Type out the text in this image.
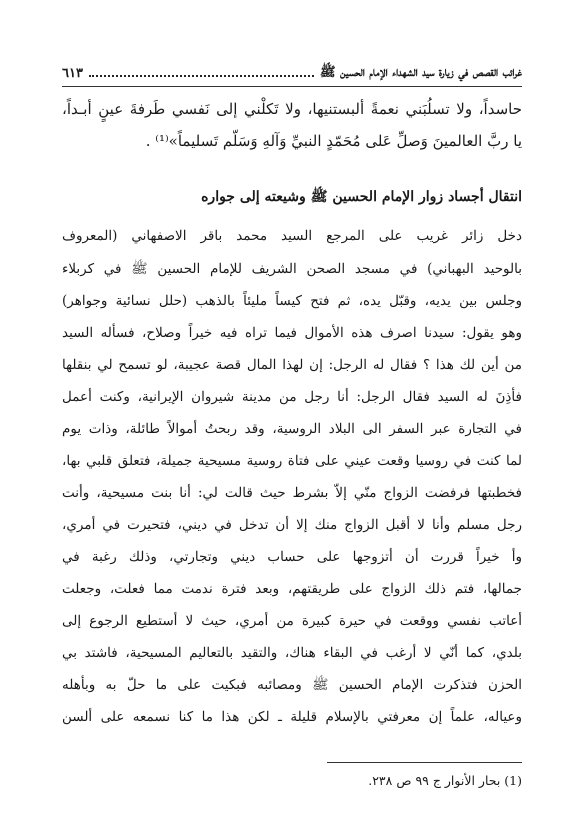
غرائب القصص في زيارة سيد الشهداء الإمام الحسين ﷺ
٦١٣
حاسداً، ولا تسلُبَني نعمةً ألبستنيها، ولا تَكلْني إلى نَفسي طَرفةَ عينٍ أبـداً،
يا ربَّ العالمينَ وَصلِّ عَلى مُحَمّدٍ النبيِّ وَآلهِ وَسَلّم تَسليماً»⁽¹⁾ .
انتقال أجساد زوار الإمام الحسين ﷺ وشيعته إلى جواره
دخل زائر غريب على المرجع السيد محمد باقر الاصفهاني (المعروف
بالوحيد البهباني) في مسجد الصحن الشريف للإمام الحسين ﷺ في كربلاء
وجلس بين يديه، وقبّل يده، ثم فتح كيساً مليئاً بالذهب (حلل نسائية وجواهر)
وهو يقول: سيدنا اصرف هذه الأموال فيما تراه فيه خيراً وصلاح، فسأله السيد
من أين لك هذا ؟ فقال له الرجل: إن لهذا المال قصة عجيبة، لو تسمح لي بنقلها
فأذِنَ له السيد فقال الرجل: أنا رجل من مدينة شيروان الإيرانية، وكنت أعمل
في التجارة عبر السفر الى البلاد الروسية، وقد ربحتُ أموالاً طائلة، وذات يوم
لما كنت في روسيا وقعت عيني على فتاة روسية مسيحية جميلة، فتعلق قلبي بها،
فخطبتها فرفضت الزواج منّي إلاّ بشرط حيث قالت لي: أنا بنت مسيحية، وأنت
رجل مسلم وأنا لا أقبل الزواج منك إلا أن تدخل في ديني، فتحيرت في أمري،
وأ خيراً قررت أن أتزوجها على حساب ديني وتجارتي، وذلك رغبة في
جمالها، فتم ذلك الزواج على طريقتهم، وبعد فترة ندمت مما فعلت، وجعلت
أعاتب نفسي ووقعت في حيرة كبيرة من أمري، حيث لا أستطيع الرجوع إلى
بلدي، كما أنّي لا أرغب في البقاء هناك، والتقيد بالتعاليم المسيحية، فاشتد بي
الحزن فتذكرت الإمام الحسين ﷺ ومصائبه فبكيت على ما حلّ به وبأهله
وعياله، علماً إن معرفتي بالإسلام قليلة ـ لكن هذا ما كنا نسمعه على ألسن
(1) بحار الأنوار ج ٩٩ ص ٢٣٨.
